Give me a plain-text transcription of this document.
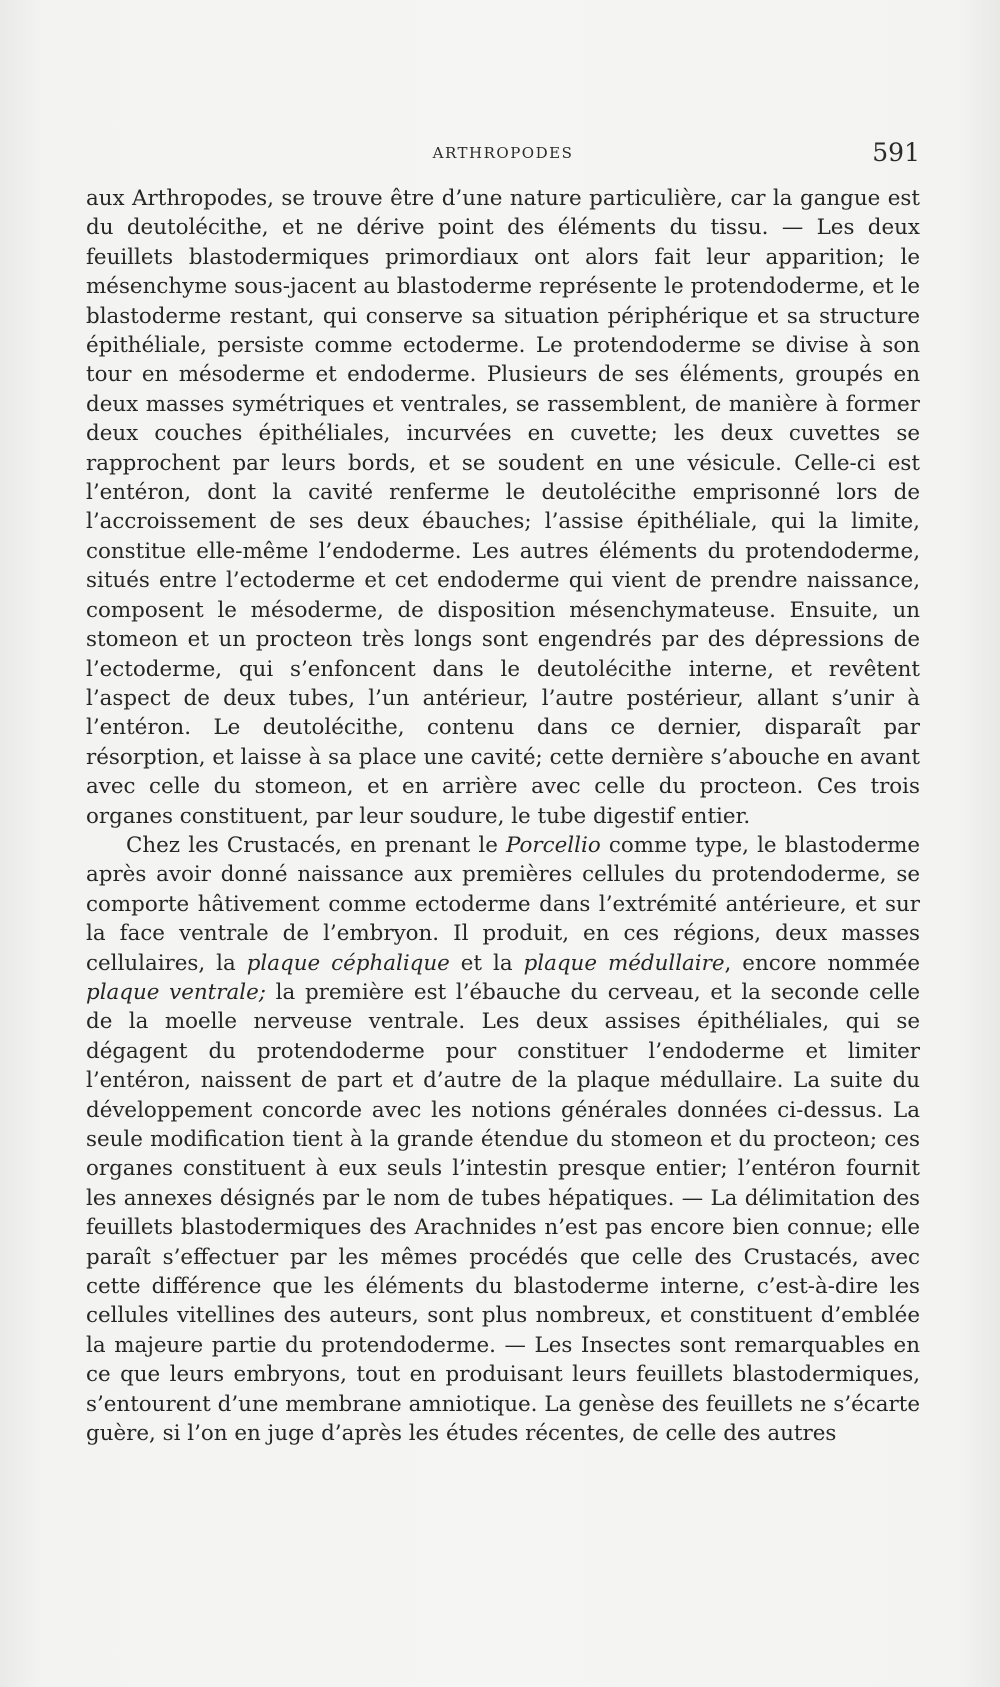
ARTHROPODES	591

aux Arthropodes, se trouve être d’une nature particulière, car la gangue est du deutolécithe, et ne dérive point des éléments du tissu. — Les deux feuillets blastodermiques primordiaux ont alors fait leur apparition; le mésenchyme sous-jacent au blastoderme représente le protendoderme, et le blastoderme restant, qui conserve sa situation périphérique et sa structure épithéliale, persiste comme ectoderme. Le protendoderme se divise à son tour en mésoderme et endoderme. Plusieurs de ses éléments, groupés en deux masses symétriques et ventrales, se rassemblent, de manière à former deux couches épithéliales, incurvées en cuvette; les deux cuvettes se rapprochent par leurs bords, et se soudent en une vésicule. Celle-ci est l’entéron, dont la cavité renferme le deutolécithe emprisonné lors de l’accroissement de ses deux ébauches; l’assise épithéliale, qui la limite, constitue elle-même l’endoderme. Les autres éléments du protendoderme, situés entre l’ectoderme et cet endoderme qui vient de prendre naissance, composent le mésoderme, de disposition mésenchymateuse. Ensuite, un stomeon et un procteon très longs sont engendrés par des dépressions de l’ectoderme, qui s’enfoncent dans le deutolécithe interne, et revêtent l’aspect de deux tubes, l’un antérieur, l’autre postérieur, allant s’unir à l’entéron. Le deutolécithe, contenu dans ce dernier, disparaît par résorption, et laisse à sa place une cavité; cette dernière s’abouche en avant avec celle du stomeon, et en arrière avec celle du procteon. Ces trois organes constituent, par leur soudure, le tube digestif entier.

Chez les Crustacés, en prenant le Porcellio comme type, le blastoderme après avoir donné naissance aux premières cellules du protendoderme, se comporte hâtivement comme ectoderme dans l’extrémité antérieure, et sur la face ventrale de l’embryon. Il produit, en ces régions, deux masses cellulaires, la plaque céphalique et la plaque médullaire, encore nommée plaque ventrale; la première est l’ébauche du cerveau, et la seconde celle de la moelle nerveuse ventrale. Les deux assises épithéliales, qui se dégagent du protendoderme pour constituer l’endoderme et limiter l’entéron, naissent de part et d’autre de la plaque médullaire. La suite du développement concorde avec les notions générales données ci-dessus. La seule modification tient à la grande étendue du stomeon et du procteon; ces organes constituent à eux seuls l’intestin presque entier; l’entéron fournit les annexes désignés par le nom de tubes hépatiques. — La délimitation des feuillets blastodermiques des Arachnides n’est pas encore bien connue; elle paraît s’effectuer par les mêmes procédés que celle des Crustacés, avec cette différence que les éléments du blastoderme interne, c’est-à-dire les cellules vitellines des auteurs, sont plus nombreux, et constituent d’emblée la majeure partie du protendoderme. — Les Insectes sont remarquables en ce que leurs embryons, tout en produisant leurs feuillets blastodermiques, s’entourent d’une membrane amniotique. La genèse des feuillets ne s’écarte guère, si l’on en juge d’après les études récentes, de celle des autres
